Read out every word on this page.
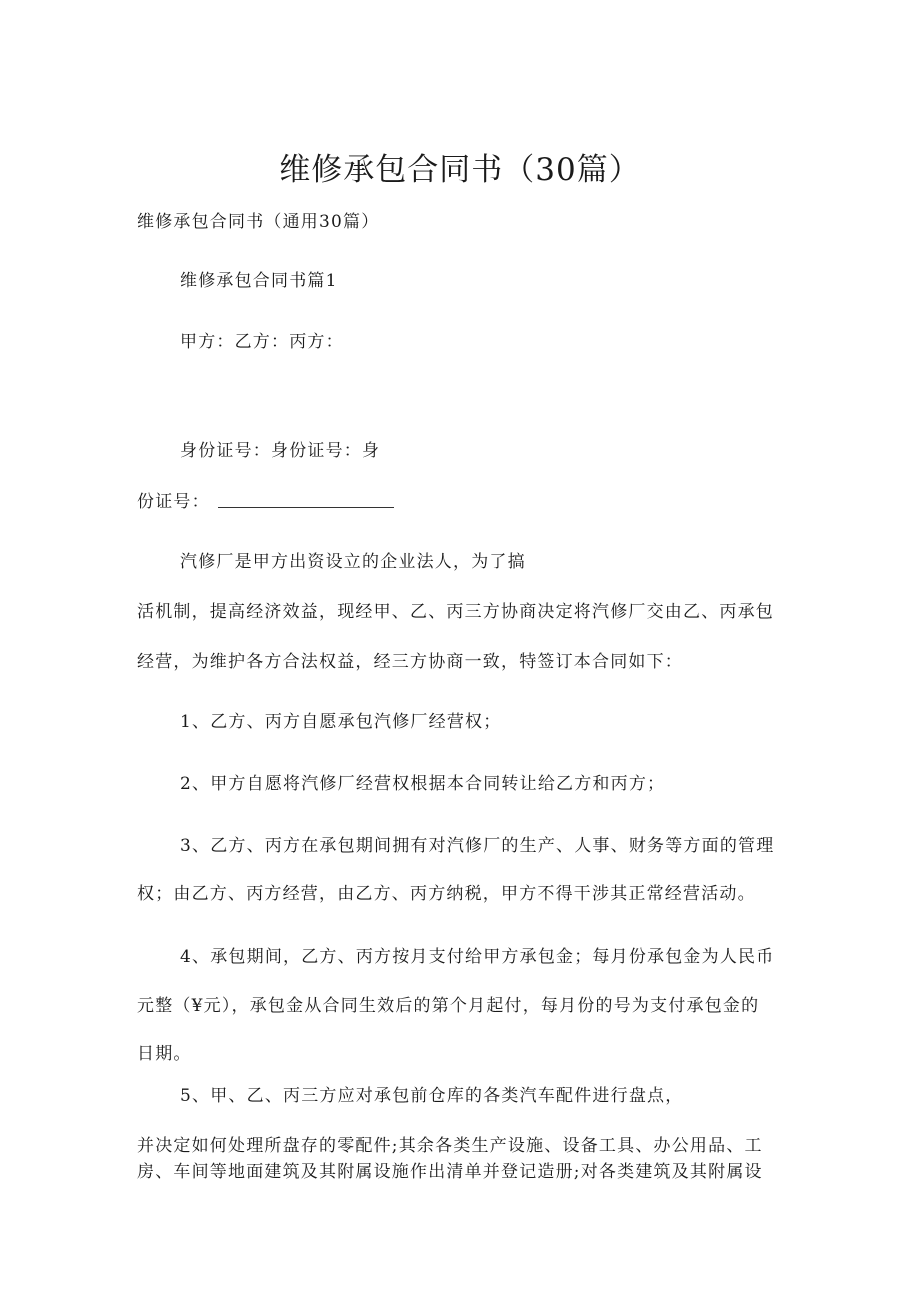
维修承包合同书（30篇）
维修承包合同书（通用30篇）
维修承包合同书篇1
甲方：乙方：丙方：
身份证号：身份证号：身
份证号：
汽修厂是甲方出资设立的企业法人，为了搞
活机制，提高经济效益，现经甲、乙、丙三方协商决定将汽修厂交由乙、丙承包
经营，为维护各方合法权益，经三方协商一致，特签订本合同如下：
1、乙方、丙方自愿承包汽修厂经营权；
2、甲方自愿将汽修厂经营权根据本合同转让给乙方和丙方；
3、乙方、丙方在承包期间拥有对汽修厂的生产、人事、财务等方面的管理
权；由乙方、丙方经营，由乙方、丙方纳税，甲方不得干涉其正常经营活动。
4、承包期间，乙方、丙方按月支付给甲方承包金；每月份承包金为人民币
元整（¥元），承包金从合同生效后的第个月起付，每月份的号为支付承包金的
日期。
5、甲、乙、丙三方应对承包前仓库的各类汽车配件进行盘点，
并决定如何处理所盘存的零配件;其余各类生产设施、设备工具、办公用品、工
房、车间等地面建筑及其附属设施作出清单并登记造册;对各类建筑及其附属设
